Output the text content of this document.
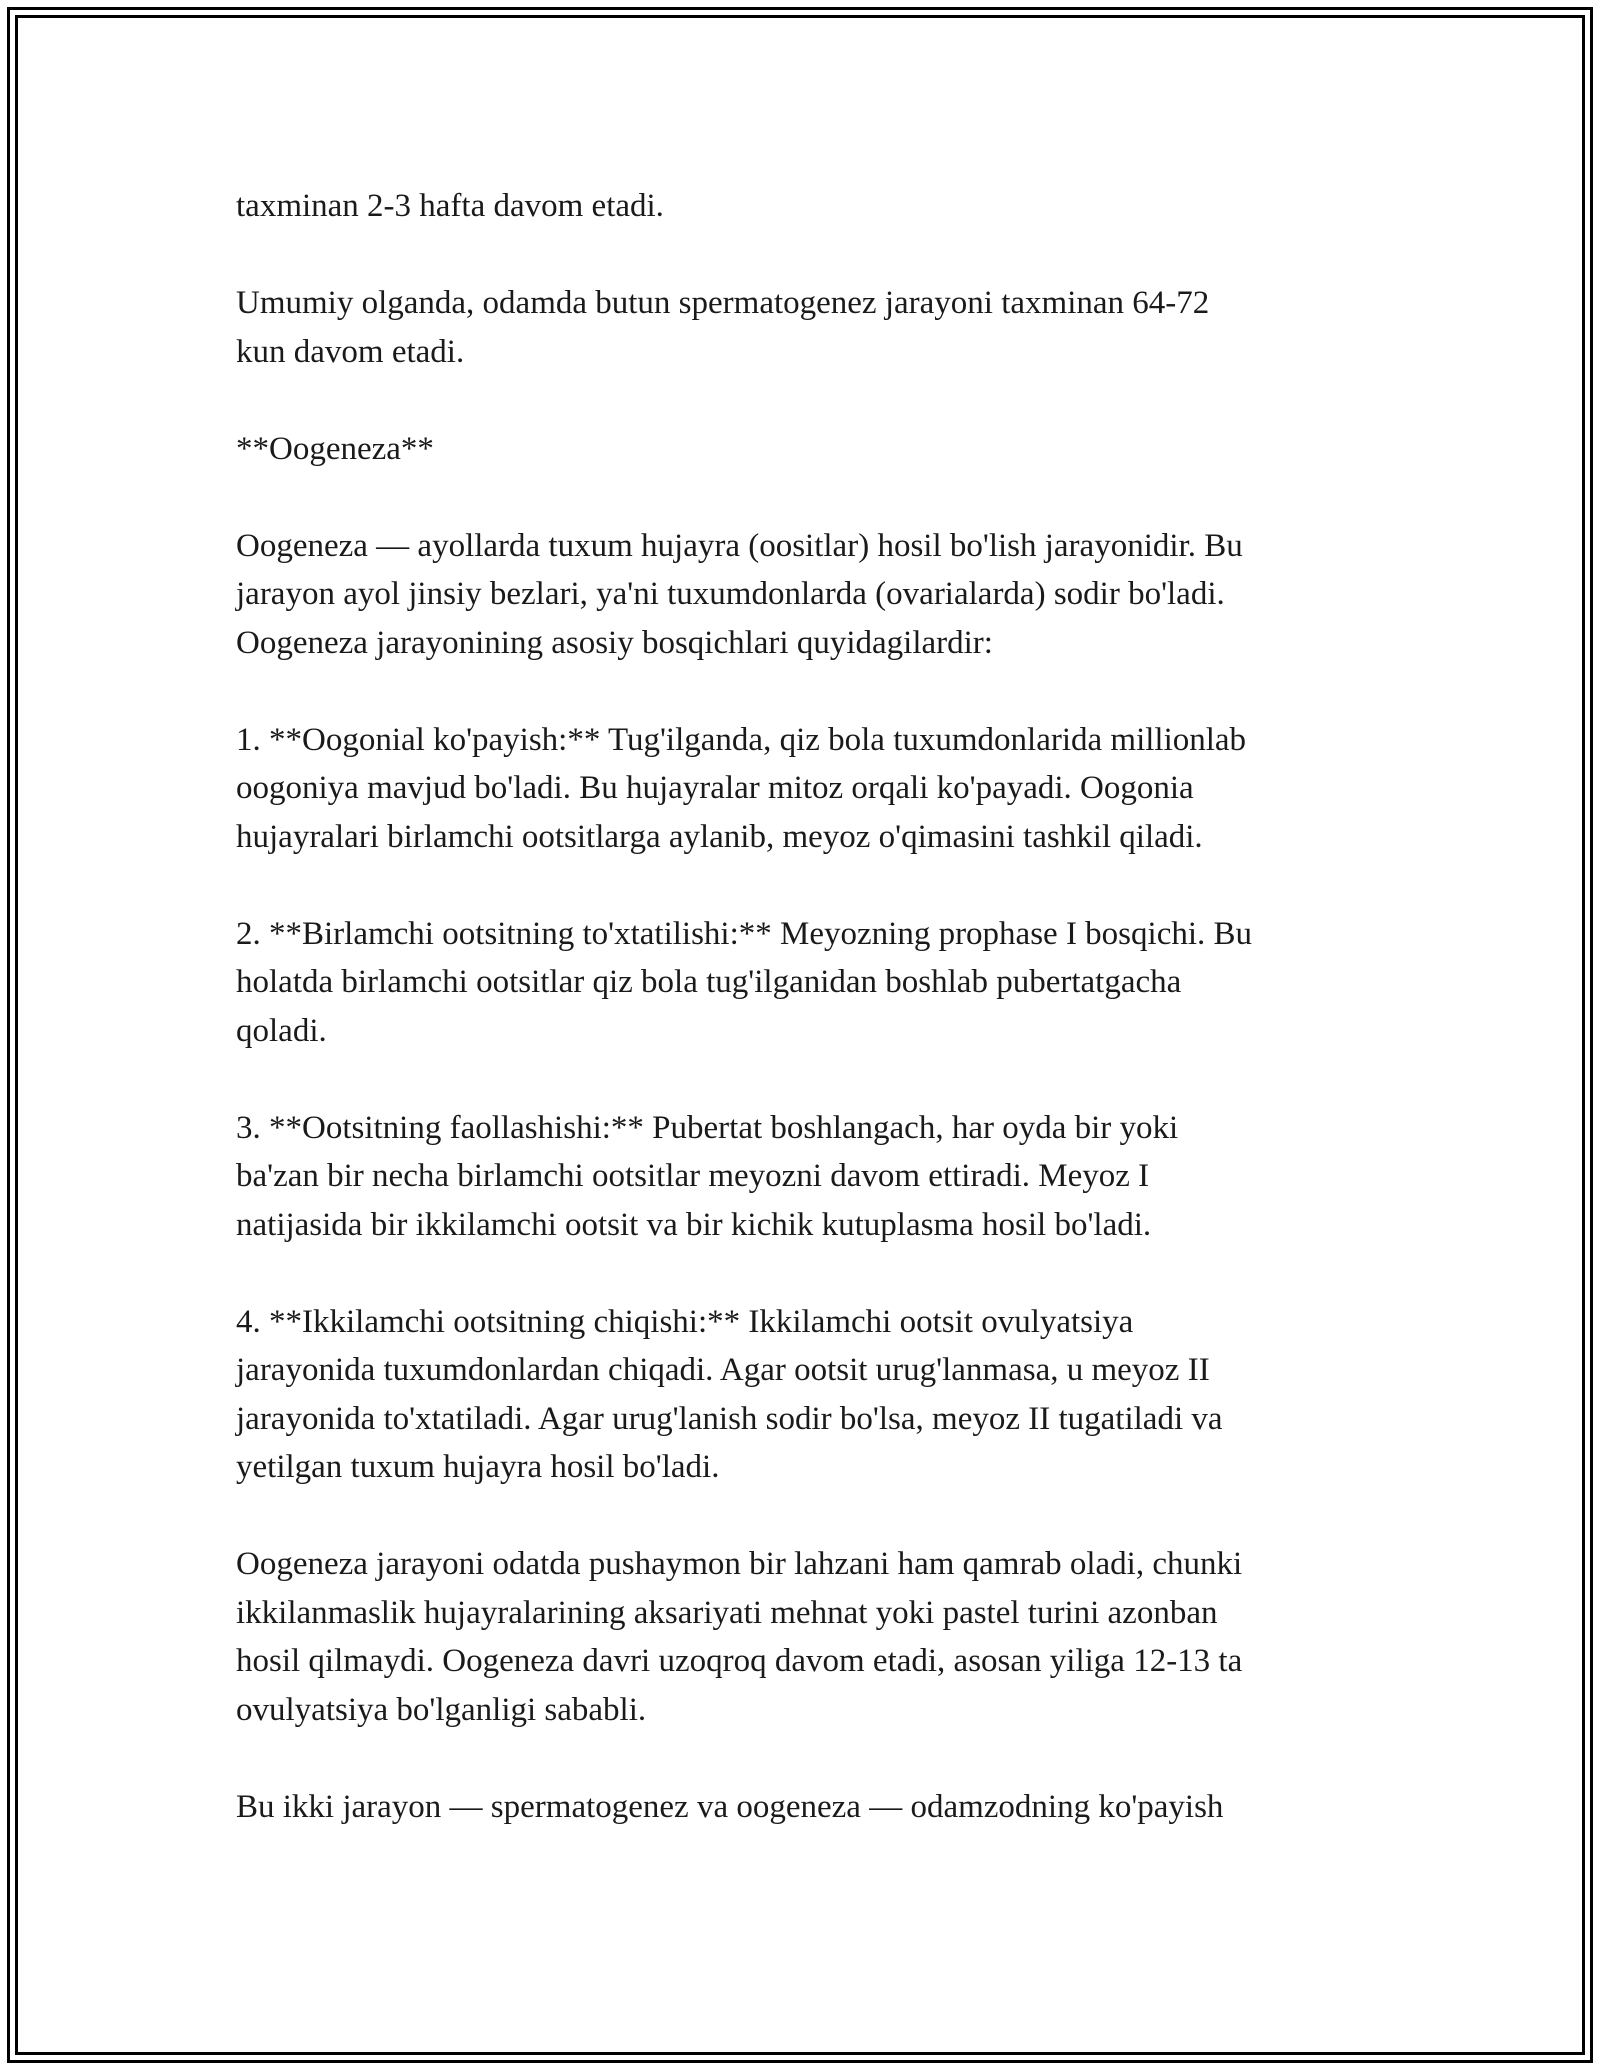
taxminan 2-3 hafta davom etadi.

Umumiy olganda, odamda butun spermatogenez jarayoni taxminan 64-72
kun davom etadi.

**Oogeneza**

Oogeneza — ayollarda tuxum hujayra (oositlar) hosil bo'lish jarayonidir. Bu
jarayon ayol jinsiy bezlari, ya'ni tuxumdonlarda (ovarialarda) sodir bo'ladi.
Oogeneza jarayonining asosiy bosqichlari quyidagilardir:

1. **Oogonial ko'payish:** Tug'ilganda, qiz bola tuxumdonlarida millionlab
oogoniya mavjud bo'ladi. Bu hujayralar mitoz orqali ko'payadi. Oogonia
hujayralari birlamchi ootsitlarga aylanib, meyoz o'qimasini tashkil qiladi.

2. **Birlamchi ootsitning to'xtatilishi:** Meyozning prophase I bosqichi. Bu
holatda birlamchi ootsitlar qiz bola tug'ilganidan boshlab pubertatgacha
qoladi.

3. **Ootsitning faollashishi:** Pubertat boshlangach, har oyda bir yoki
ba'zan bir necha birlamchi ootsitlar meyozni davom ettiradi. Meyoz I
natijasida bir ikkilamchi ootsit va bir kichik kutuplasma hosil bo'ladi.

4. **Ikkilamchi ootsitning chiqishi:** Ikkilamchi ootsit ovulyatsiya
jarayonida tuxumdonlardan chiqadi. Agar ootsit urug'lanmasa, u meyoz II
jarayonida to'xtatiladi. Agar urug'lanish sodir bo'lsa, meyoz II tugatiladi va
yetilgan tuxum hujayra hosil bo'ladi.

Oogeneza jarayoni odatda pushaymon bir lahzani ham qamrab oladi, chunki
ikkilanmaslik hujayralarining aksariyati mehnat yoki pastel turini azonban
hosil qilmaydi. Oogeneza davri uzoqroq davom etadi, asosan yiliga 12-13 ta
ovulyatsiya bo'lganligi sababli.

Bu ikki jarayon — spermatogenez va oogeneza — odamzodning ko'payish
